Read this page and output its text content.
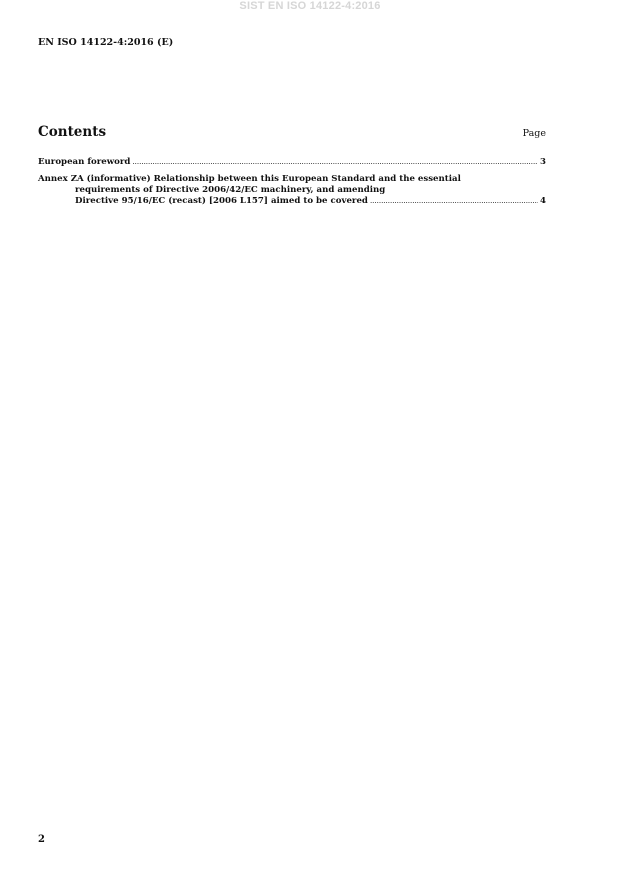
SIST EN ISO 14122-4:2016
EN ISO 14122-4:2016 (E)
Contents	Page
European foreword .....	3
Annex ZA (informative) Relationship between this European Standard and the essential
requirements of Directive 2006/42/EC machinery, and amending
Directive 95/16/EC (recast) [2006 L157] aimed to be covered .....	4
2
